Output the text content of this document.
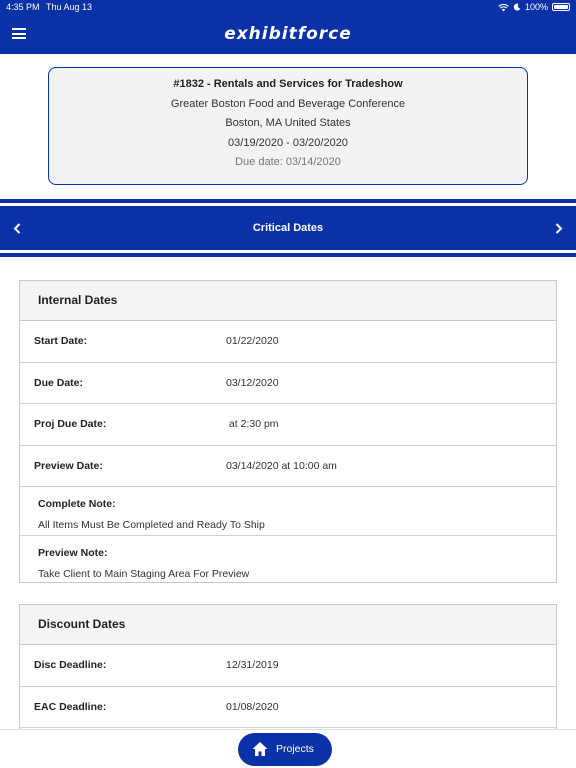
4:35 PM Thu Aug 13	100%
exhibitforce
#1832 - Rentals and Services for Tradeshow
Greater Boston Food and Beverage Conference
Boston, MA United States
03/19/2020 - 03/20/2020
Due date: 03/14/2020
Critical Dates
Internal Dates
Start Date:	01/22/2020
Due Date:	03/12/2020
Proj Due Date:	at 2:30 pm
Preview Date:	03/14/2020 at 10:00 am
Complete Note:
All Items Must Be Completed and Ready To Ship
Preview Note:
Take Client to Main Staging Area For Preview
Discount Dates
Disc Deadline:	12/31/2019
EAC Deadline:	01/08/2020
Projects
